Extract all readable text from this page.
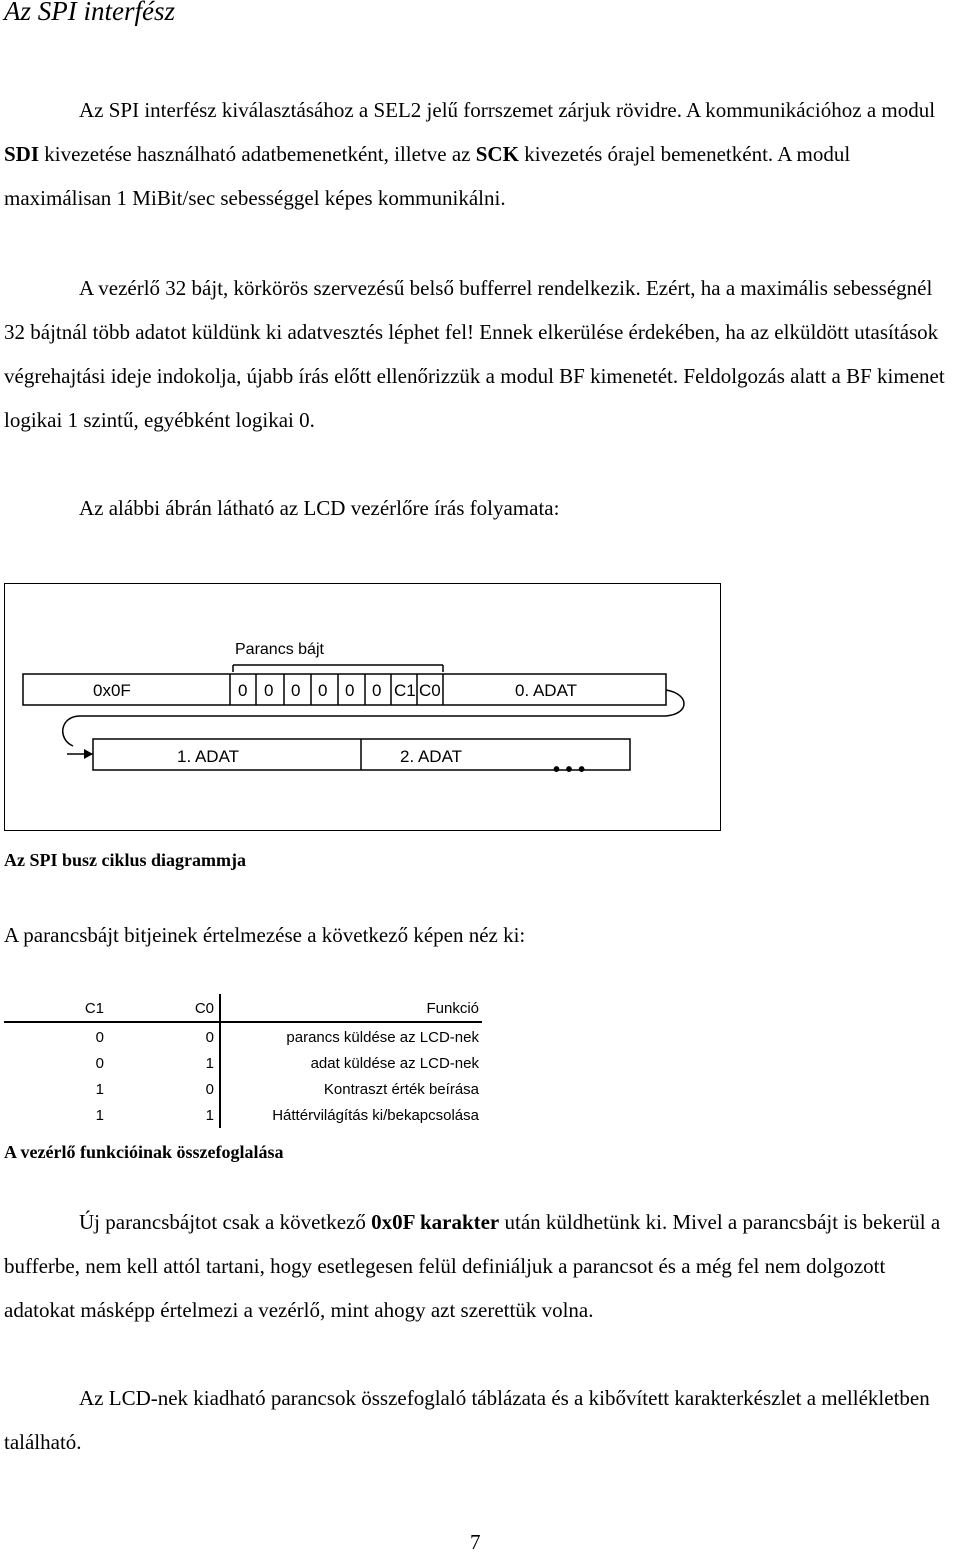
Az SPI interfész

Az SPI interfész kiválasztásához a SEL2 jelű forrszemet zárjuk rövidre. A kommunikációhoz a modul SDI kivezetése használható adatbemenetként, illetve az SCK kivezetés órajel bemenetként. A modul maximálisan 1 MiBit/sec sebességgel képes kommunikálni.

A vezérlő 32 bájt, körkörös szervezésű belső bufferrel rendelkezik. Ezért, ha a maximális sebességnél 32 bájtnál több adatot küldünk ki adatvesztés léphet fel! Ennek elkerülése érdekében, ha az elküldött utasítások végrehajtási ideje indokolja, újabb írás előtt ellenőrizzük a modul BF kimenetét. Feldolgozás alatt a BF kimenet logikai 1 szintű, egyébként logikai 0.

Az alábbi ábrán látható az LCD vezérlőre írás folyamata:

Parancs bájt
0x0F	0 0 0 0 0 0 C1 C0	0. ADAT
1. ADAT	2. ADAT
• • •
Az SPI busz ciklus diagrammja
A parancsbájt bitjeinek értelmezése a következő képen néz ki:
C1	C0	Funkció
0	0	parancs küldése az LCD-nek
0	1	adat küldése az LCD-nek
1	0	Kontraszt érték beírása
1	1	Háttérvilágítás ki/bekapcsolása
A vezérlő funkcióinak összefoglalása

Új parancsbájtot csak a következő 0x0F karakter után küldhetünk ki. Mivel a parancsbájt is bekerül a bufferbe, nem kell attól tartani, hogy esetlegesen felül definiáljuk a parancsot és a még fel nem dolgozott adatokat másképp értelmezi a vezérlő, mint ahogy azt szerettük volna.

Az LCD-nek kiadható parancsok összefoglaló táblázata és a kibővített karakterkészlet a mellékletben található.

7
